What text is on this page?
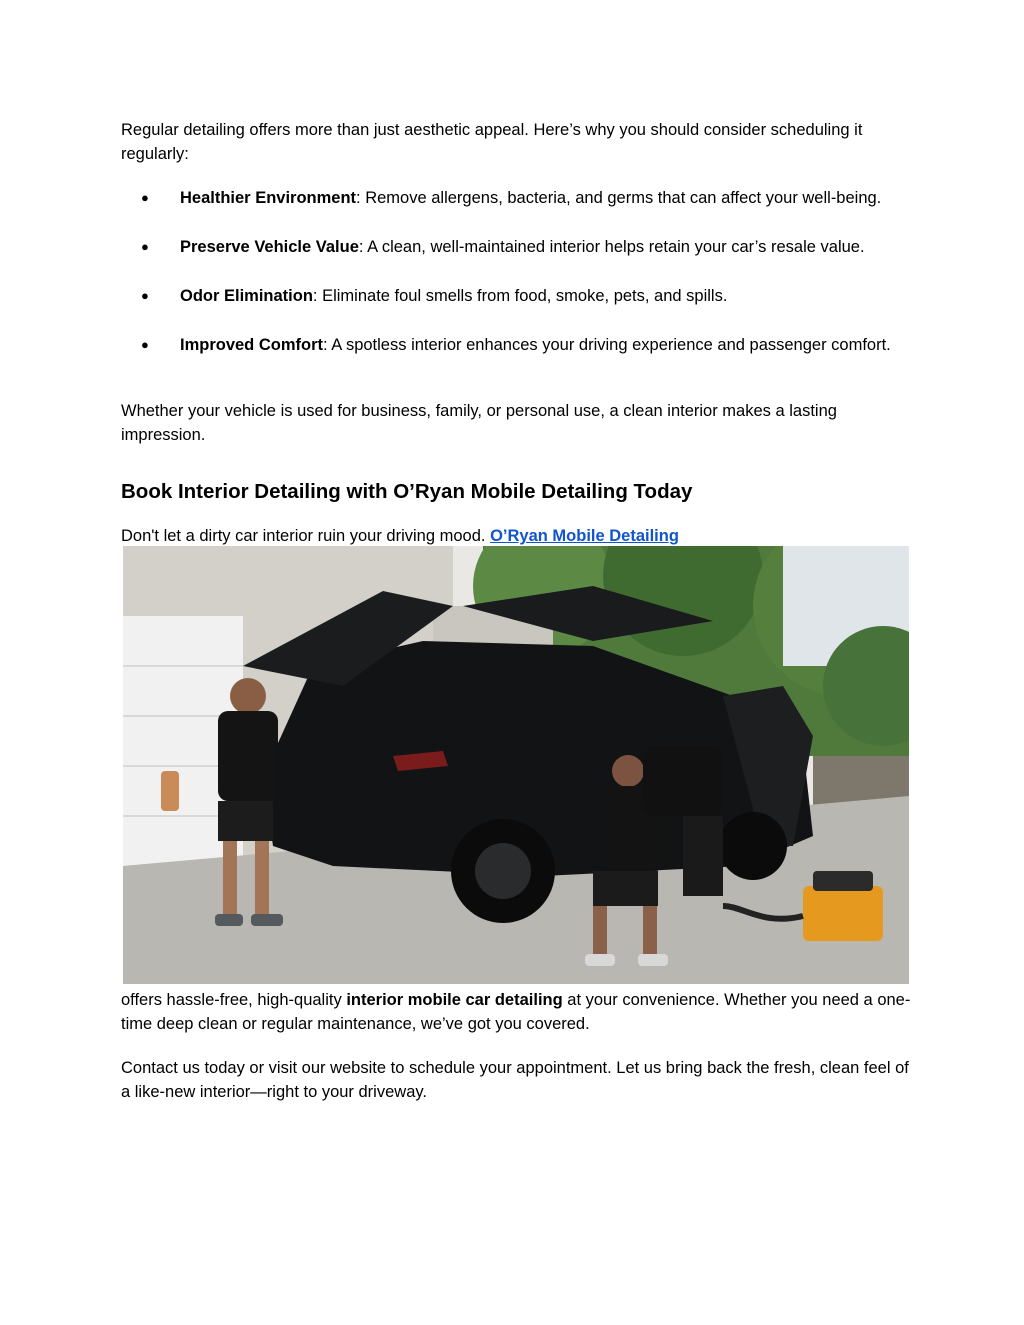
Regular detailing offers more than just aesthetic appeal. Here’s why you should consider scheduling it regularly:

● Healthier Environment: Remove allergens, bacteria, and germs that can affect your well-being.
● Preserve Vehicle Value: A clean, well-maintained interior helps retain your car’s resale value.
● Odor Elimination: Eliminate foul smells from food, smoke, pets, and spills.
● Improved Comfort: A spotless interior enhances your driving experience and passenger comfort.

Whether your vehicle is used for business, family, or personal use, a clean interior makes a lasting impression.

Book Interior Detailing with O’Ryan Mobile Detailing Today

Don't let a dirty car interior ruin your driving mood. O’Ryan Mobile Detailing

offers hassle-free, high-quality interior mobile car detailing at your convenience. Whether you need a one-time deep clean or regular maintenance, we’ve got you covered.

Contact us today or visit our website to schedule your appointment. Let us bring back the fresh, clean feel of a like-new interior—right to your driveway.
